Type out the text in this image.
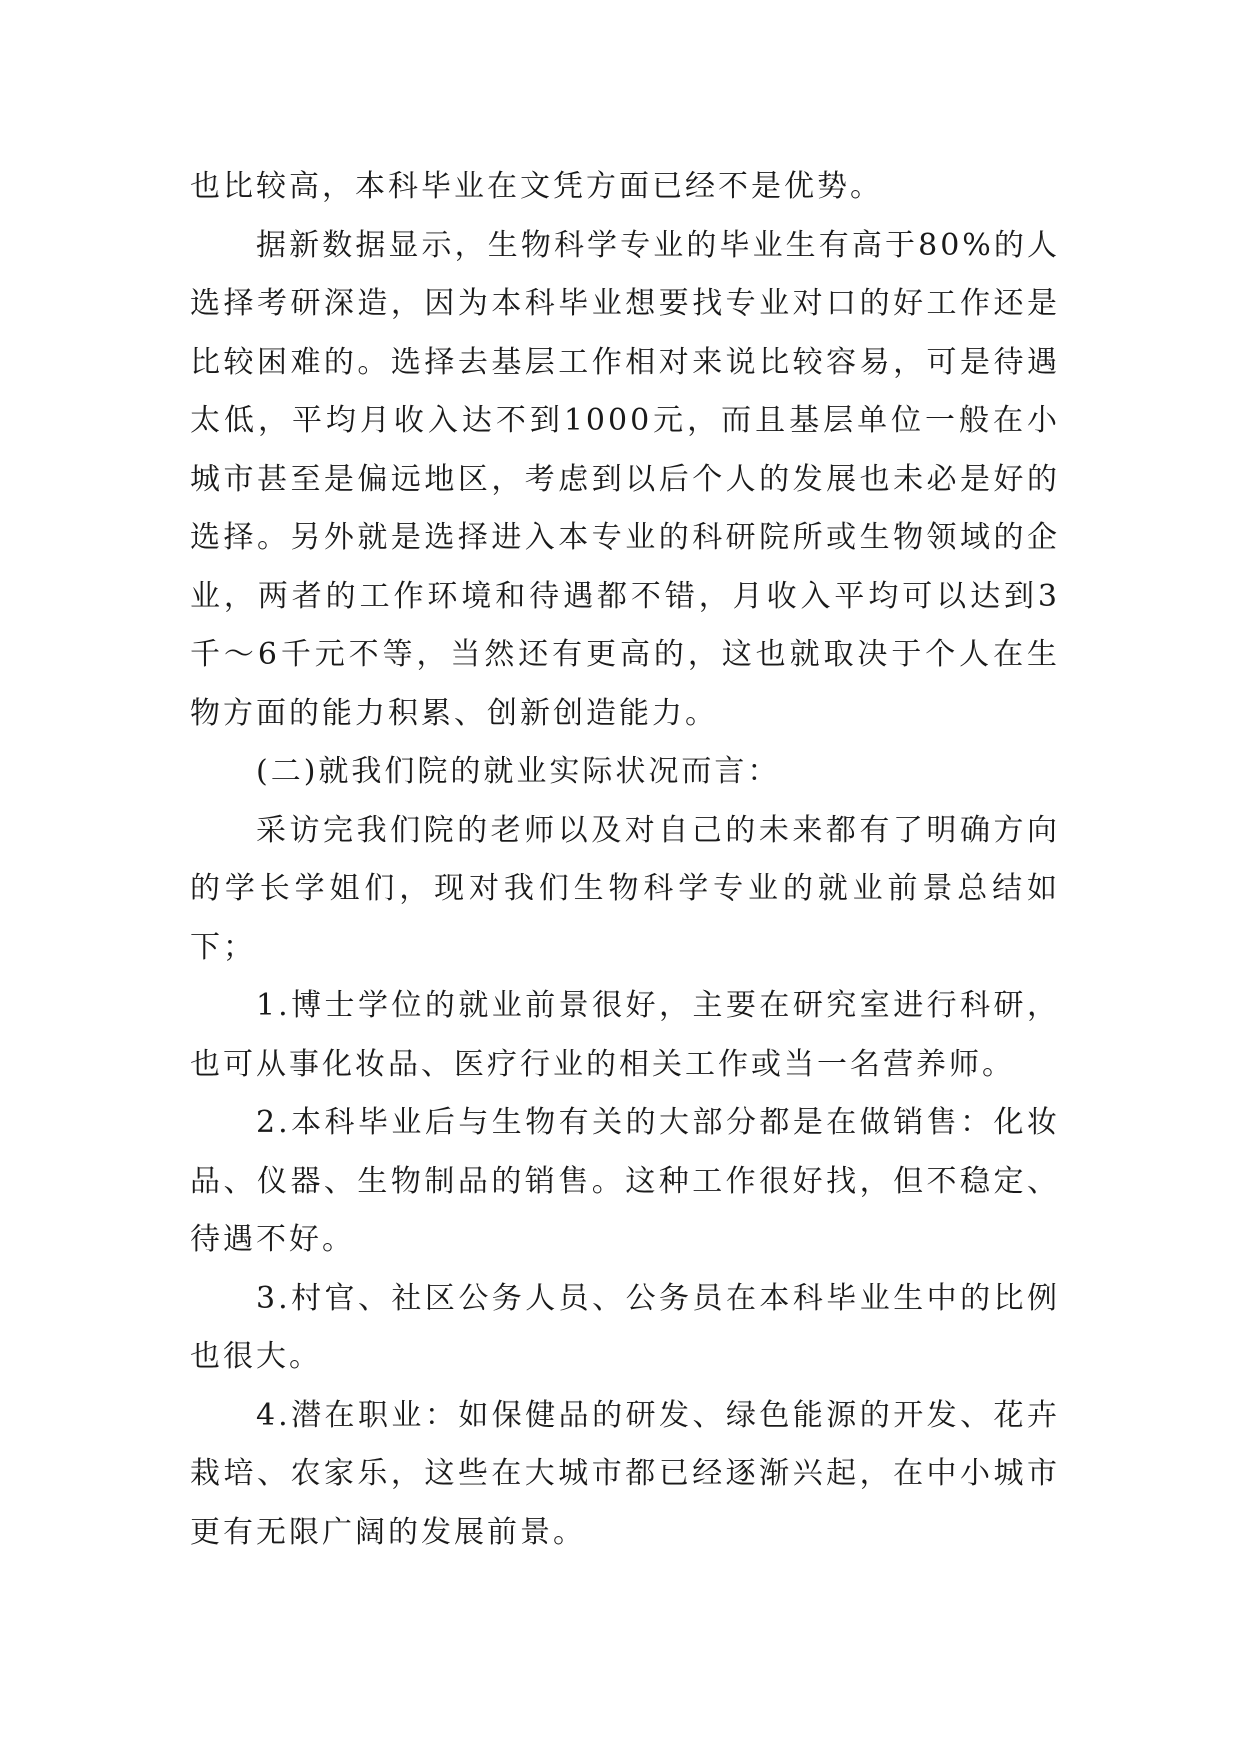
也比较高，本科毕业在文凭方面已经不是优势。

据新数据显示，生物科学专业的毕业生有高于80%的人选择考研深造，因为本科毕业想要找专业对口的好工作还是比较困难的。选择去基层工作相对来说比较容易，可是待遇太低，平均月收入达不到1000元，而且基层单位一般在小城市甚至是偏远地区，考虑到以后个人的发展也未必是好的选择。另外就是选择进入本专业的科研院所或生物领域的企业，两者的工作环境和待遇都不错，月收入平均可以达到3千～6千元不等，当然还有更高的，这也就取决于个人在生物方面的能力积累、创新创造能力。

(二)就我们院的就业实际状况而言：

采访完我们院的老师以及对自己的未来都有了明确方向的学长学姐们，现对我们生物科学专业的就业前景总结如下；

1.博士学位的就业前景很好，主要在研究室进行科研，也可从事化妆品、医疗行业的相关工作或当一名营养师。

2.本科毕业后与生物有关的大部分都是在做销售：化妆品、仪器、生物制品的销售。这种工作很好找，但不稳定、待遇不好。

3.村官、社区公务人员、公务员在本科毕业生中的比例也很大。

4.潜在职业：如保健品的研发、绿色能源的开发、花卉栽培、农家乐，这些在大城市都已经逐渐兴起，在中小城市更有无限广阔的发展前景。
